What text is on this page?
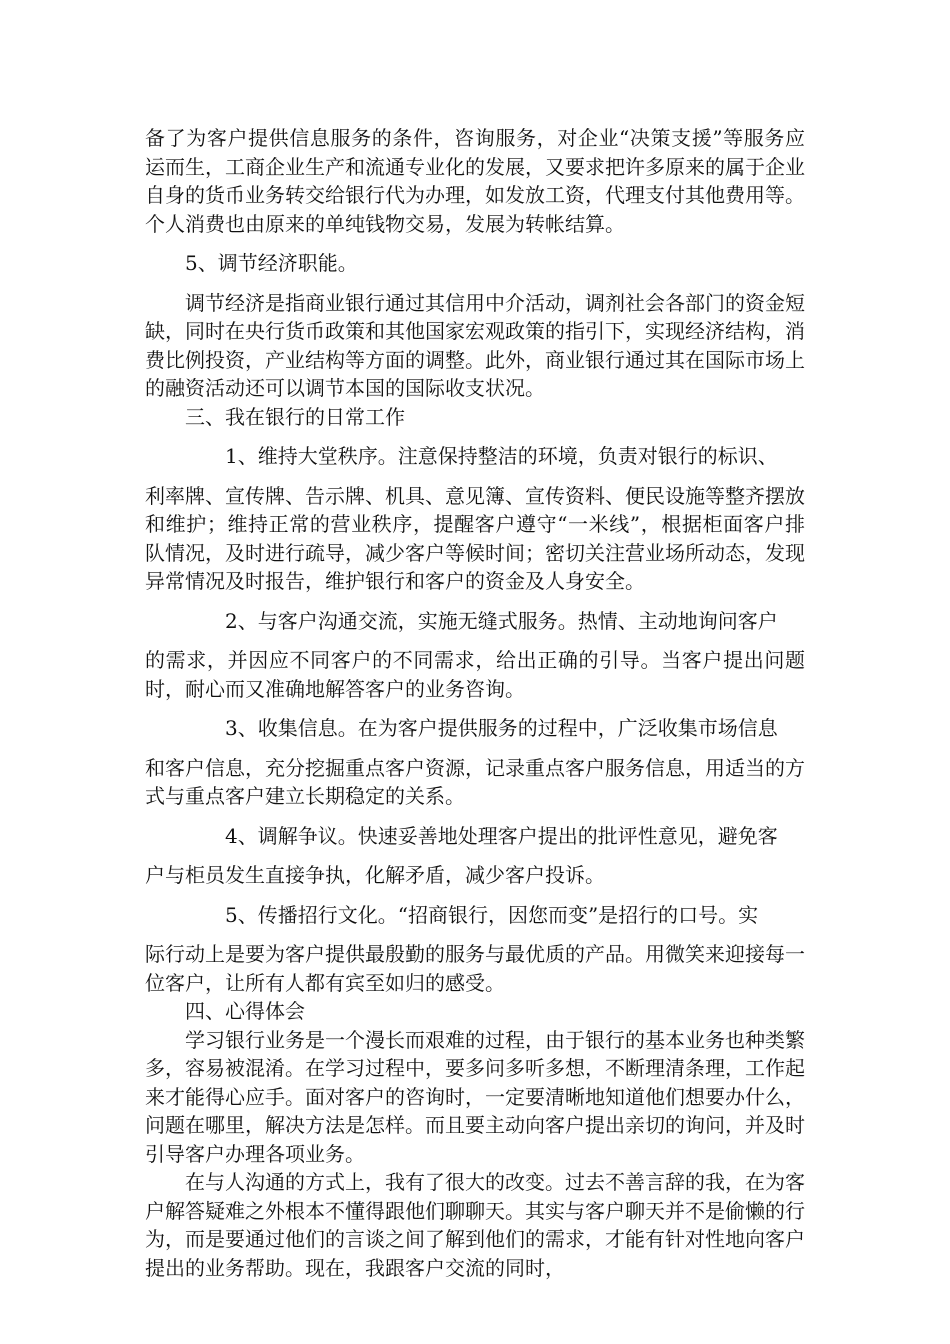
备了为客户提供信息服务的条件，咨询服务，对企业“决策支援”等服务应运而生，工商企业生产和流通专业化的发展，又要求把许多原来的属于企业自身的货币业务转交给银行代为办理，如发放工资，代理支付其他费用等。个人消费也由原来的单纯钱物交易，发展为转帐结算。

5、调节经济职能。

调节经济是指商业银行通过其信用中介活动，调剂社会各部门的资金短缺，同时在央行货币政策和其他国家宏观政策的指引下，实现经济结构，消费比例投资，产业结构等方面的调整。此外，商业银行通过其在国际市场上的融资活动还可以调节本国的国际收支状况。

三、我在银行的日常工作

1、维持大堂秩序。注意保持整洁的环境，负责对银行的标识、

利率牌、宣传牌、告示牌、机具、意见簿、宣传资料、便民设施等整齐摆放和维护；维持正常的营业秩序，提醒客户遵守“一米线”，根据柜面客户排队情况，及时进行疏导，减少客户等候时间；密切关注营业场所动态，发现异常情况及时报告，维护银行和客户的资金及人身安全。

2、与客户沟通交流，实施无缝式服务。热情、主动地询问客户

的需求，并因应不同客户的不同需求，给出正确的引导。当客户提出问题时，耐心而又准确地解答客户的业务咨询。

3、收集信息。在为客户提供服务的过程中，广泛收集市场信息

和客户信息，充分挖掘重点客户资源，记录重点客户服务信息，用适当的方式与重点客户建立长期稳定的关系。

4、调解争议。快速妥善地处理客户提出的批评性意见，避免客

户与柜员发生直接争执，化解矛盾，减少客户投诉。

5、传播招行文化。“招商银行，因您而变”是招行的口号。实

际行动上是要为客户提供最殷勤的服务与最优质的产品。用微笑来迎接每一位客户，让所有人都有宾至如归的感受。

四、心得体会

学习银行业务是一个漫长而艰难的过程，由于银行的基本业务也种类繁多，容易被混淆。在学习过程中，要多问多听多想，不断理清条理，工作起来才能得心应手。面对客户的咨询时，一定要清晰地知道他们想要办什么，问题在哪里，解决方法是怎样。而且要主动向客户提出亲切的询问，并及时引导客户办理各项业务。

在与人沟通的方式上，我有了很大的改变。过去不善言辞的我，在为客户解答疑难之外根本不懂得跟他们聊聊天。其实与客户聊天并不是偷懒的行为，而是要通过他们的言谈之间了解到他们的需求，才能有针对性地向客户提出的业务帮助。现在，我跟客户交流的同时，
